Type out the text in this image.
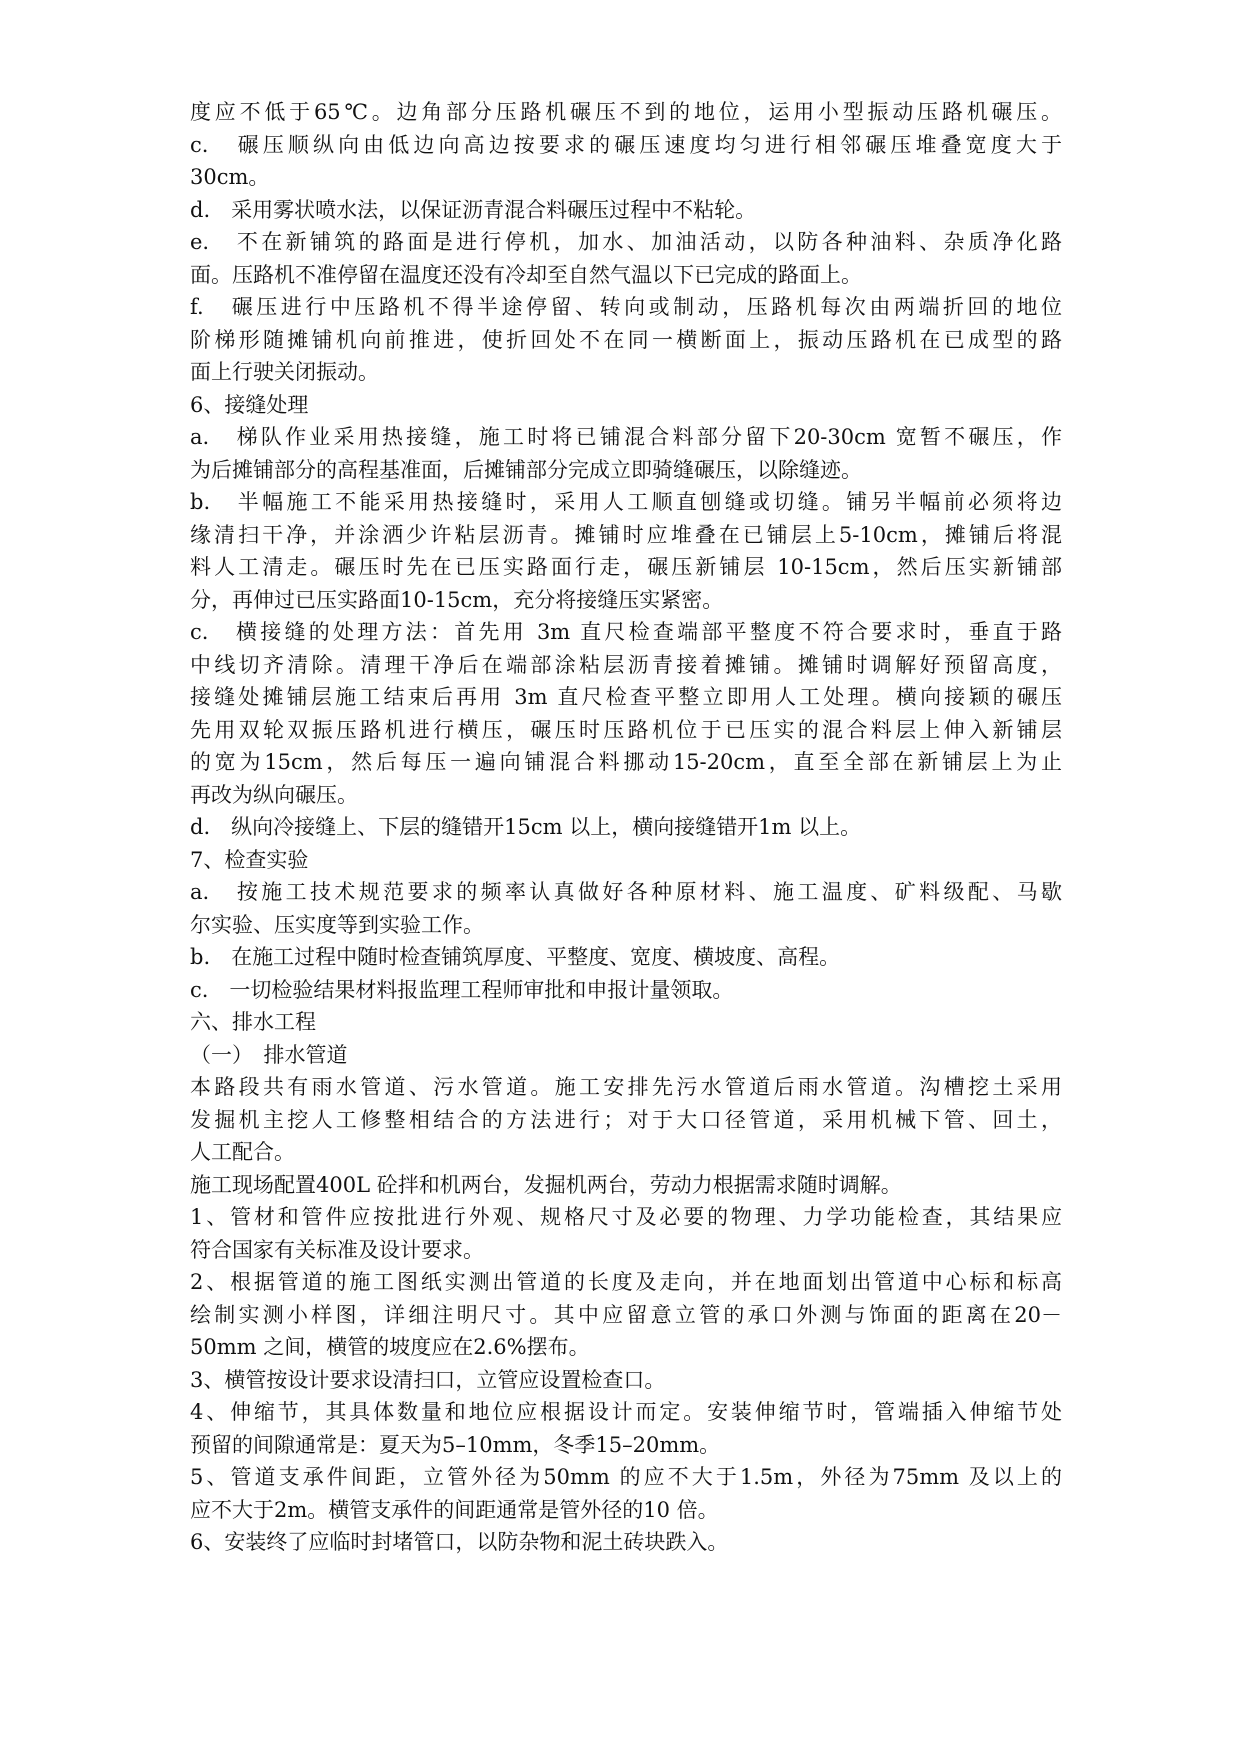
度应不低于65℃。边角部分压路机碾压不到的地位，运用小型振动压路机碾压。
c.　碾压顺纵向由低边向高边按要求的碾压速度均匀进行相邻碾压堆叠宽度大于
30cm。
d.　采用雾状喷水法，以保证沥青混合料碾压过程中不粘轮。
e.　不在新铺筑的路面是进行停机，加水、加油活动，以防各种油料、杂质净化路
面。压路机不准停留在温度还没有冷却至自然气温以下已完成的路面上。
f.　碾压进行中压路机不得半途停留、转向或制动，压路机每次由两端折回的地位
阶梯形随摊铺机向前推进，使折回处不在同一横断面上，振动压路机在已成型的路
面上行驶关闭振动。
6、接缝处理
a.　梯队作业采用热接缝，施工时将已铺混合料部分留下20-30cm 宽暂不碾压，作
为后摊铺部分的高程基准面，后摊铺部分完成立即骑缝碾压，以除缝迹。
b.　半幅施工不能采用热接缝时，采用人工顺直刨缝或切缝。铺另半幅前必须将边
缘清扫干净，并涂洒少许粘层沥青。摊铺时应堆叠在已铺层上5-10cm，摊铺后将混
料人工清走。碾压时先在已压实路面行走，碾压新铺层 10-15cm，然后压实新铺部
分，再伸过已压实路面10-15cm，充分将接缝压实紧密。
c.　横接缝的处理方法：首先用 3m 直尺检查端部平整度不符合要求时，垂直于路
中线切齐清除。清理干净后在端部涂粘层沥青接着摊铺。摊铺时调解好预留高度，
接缝处摊铺层施工结束后再用 3m 直尺检查平整立即用人工处理。横向接颖的碾压
先用双轮双振压路机进行横压，碾压时压路机位于已压实的混合料层上伸入新铺层
的宽为15cm，然后每压一遍向铺混合料挪动15-20cm，直至全部在新铺层上为止
再改为纵向碾压。
d.　纵向冷接缝上、下层的缝错开15cm 以上，横向接缝错开1m 以上。
7、检查实验
a.　按施工技术规范要求的频率认真做好各种原材料、施工温度、矿料级配、马歇
尔实验、压实度等到实验工作。
b.　在施工过程中随时检查铺筑厚度、平整度、宽度、横坡度、高程。
c.　一切检验结果材料报监理工程师审批和申报计量领取。
六、排水工程
（一）　排水管道
本路段共有雨水管道、污水管道。施工安排先污水管道后雨水管道。沟槽挖土采用
发掘机主挖人工修整相结合的方法进行；对于大口径管道，采用机械下管、回土，
人工配合。
施工现场配置400L 砼拌和机两台，发掘机两台，劳动力根据需求随时调解。
1、管材和管件应按批进行外观、规格尺寸及必要的物理、力学功能检查，其结果应
符合国家有关标准及设计要求。
2、根据管道的施工图纸实测出管道的长度及走向，并在地面划出管道中心标和标高
绘制实测小样图，详细注明尺寸。其中应留意立管的承口外测与饰面的距离在20－
50mm 之间，横管的坡度应在2.6%摆布。
3、横管按设计要求设清扫口，立管应设置检查口。
4、伸缩节，其具体数量和地位应根据设计而定。安装伸缩节时，管端插入伸缩节处
预留的间隙通常是：夏天为5–10mm，冬季15–20mm。
5、管道支承件间距，立管外径为50mm 的应不大于1.5m，外径为75mm 及以上的
应不大于2m。横管支承件的间距通常是管外径的10 倍。
6、安装终了应临时封堵管口，以防杂物和泥土砖块跌入。
